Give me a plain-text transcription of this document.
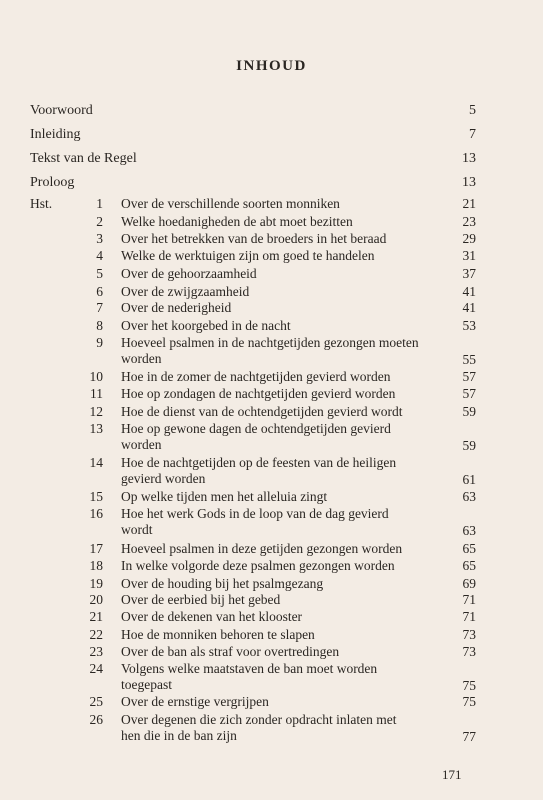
INHOUD
Voorwoord	5
Inleiding	7
Tekst van de Regel	13
Proloog	13
Hst.	1 Over de verschillende soorten monniken	21
2 Welke hoedanigheden de abt moet bezitten	23
3 Over het betrekken van de broeders in het beraad	29
4 Welke de werktuigen zijn om goed te handelen	31
5 Over de gehoorzaamheid	37
6 Over de zwijgzaamheid	41
7 Over de nederigheid	41
8 Over het koorgebed in de nacht	53
9 Hoeveel psalmen in de nachtgetijden gezongen moeten
worden	55
10 Hoe in de zomer de nachtgetijden gevierd worden	57
11 Hoe op zondagen de nachtgetijden gevierd worden	57
12 Hoe de dienst van de ochtendgetijden gevierd wordt	59
13 Hoe op gewone dagen de ochtendgetijden gevierd
worden	59
14 Hoe de nachtgetijden op de feesten van de heiligen
gevierd worden	61
15 Op welke tijden men het alleluia zingt	63
16 Hoe het werk Gods in de loop van de dag gevierd
wordt	63
17 Hoeveel psalmen in deze getijden gezongen worden	65
18 In welke volgorde deze psalmen gezongen worden	65
19 Over de houding bij het psalmgezang	69
20 Over de eerbied bij het gebed	71
21 Over de dekenen van het klooster	71
22 Hoe de monniken behoren te slapen	73
23 Over de ban als straf voor overtredingen	73
24 Volgens welke maatstaven de ban moet worden
toegepast	75
25 Over de ernstige vergrijpen	75
26 Over degenen die zich zonder opdracht inlaten met
hen die in de ban zijn	77
171
